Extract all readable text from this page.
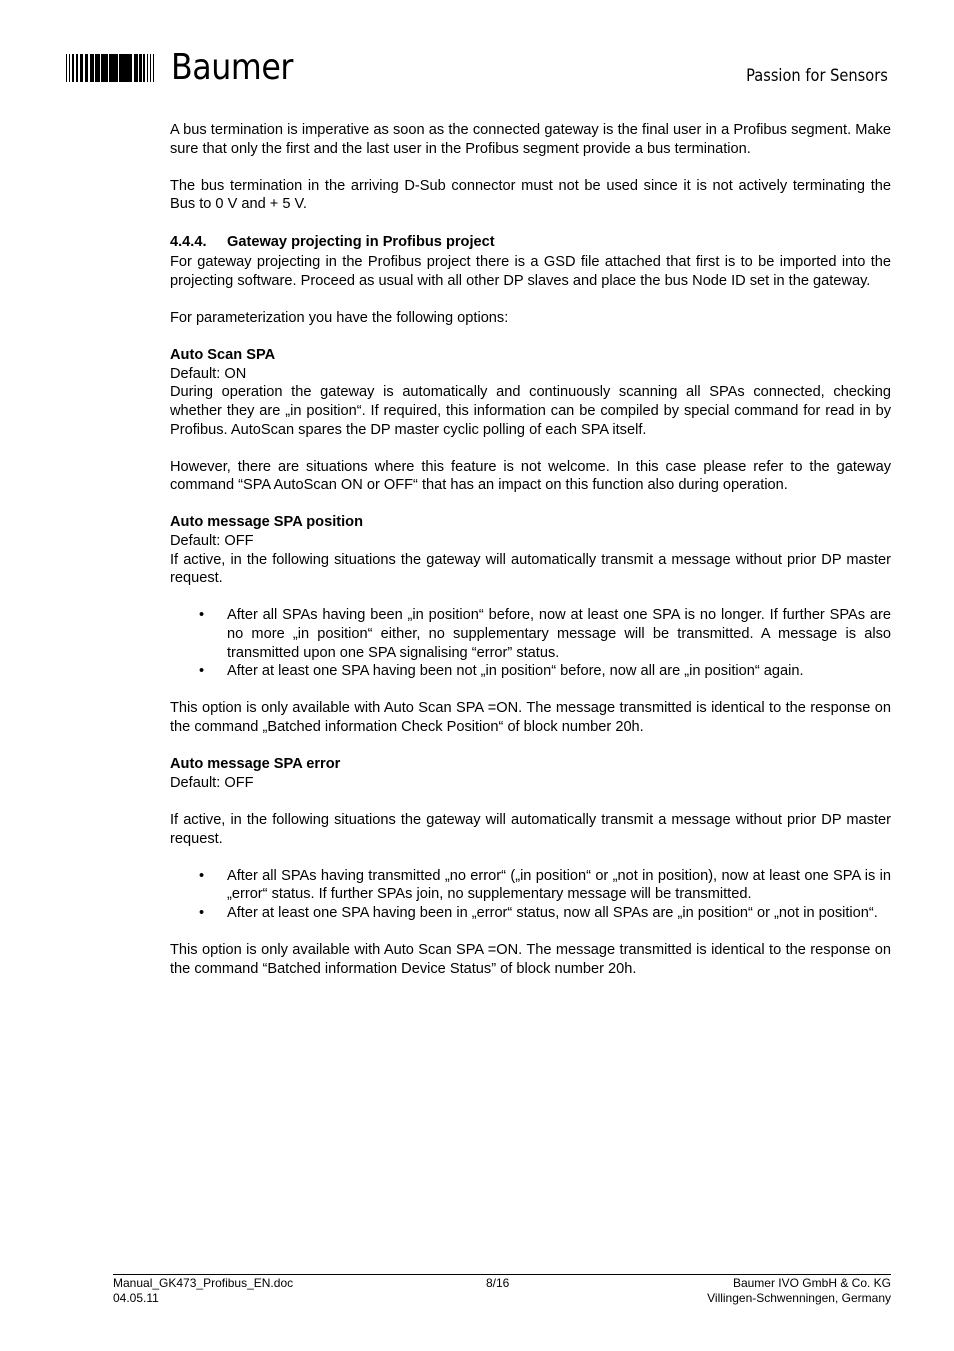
Baumer	Passion for Sensors

A bus termination is imperative as soon as the connected gateway is the final user in a Profibus segment. Make sure that only the first and the last user in the Profibus segment provide a bus termination.

The bus termination in the arriving D-Sub connector must not be used since it is not actively terminating the Bus to 0 V and + 5 V.

4.4.4.	Gateway projecting in Profibus project

For gateway projecting in the Profibus project there is a GSD file attached that first is to be imported into the projecting software. Proceed as usual with all other DP slaves and place the bus Node ID set in the gateway.

For parameterization you have the following options:

Auto Scan SPA

Default: ON

During operation the gateway is automatically and continuously scanning all SPAs connected, checking whether they are „in position“. If required, this information can be compiled by special command for read in by Profibus. AutoScan spares the DP master cyclic polling of each SPA itself.

However, there are situations where this feature is not welcome. In this case please refer to the gateway command “SPA AutoScan ON or OFF“ that has an impact on this function also during operation.

Auto message SPA position

Default: OFF

If active, in the following situations the gateway will automatically transmit a message without prior DP master request.

• After all SPAs having been „in position“ before, now at least one SPA is no longer. If further SPAs are no more „in position“ either, no supplementary message will be transmitted. A message is also transmitted upon one SPA signalising “error” status.
• After at least one SPA having been not „in position“ before, now all are „in position“ again.

This option is only available with Auto Scan SPA =ON. The message transmitted is identical to the response on the command „Batched information Check Position“ of block number 20h.

Auto message SPA error

Default: OFF

If active, in the following situations the gateway will automatically transmit a message without prior DP master request.

• After all SPAs having transmitted „no error“ („in position“ or „not in position), now at least one SPA is in „error“ status. If further SPAs join, no supplementary message will be transmitted.
• After at least one SPA having been in „error“ status, now all SPAs are „in position“ or „not in position“.

This option is only available with Auto Scan SPA =ON. The message transmitted is identical to the response on the command “Batched information Device Status” of block number 20h.

Manual_GK473_Profibus_EN.doc
04.05.11
8/16	Baumer IVO GmbH & Co. KG
Villingen-Schwenningen, Germany
